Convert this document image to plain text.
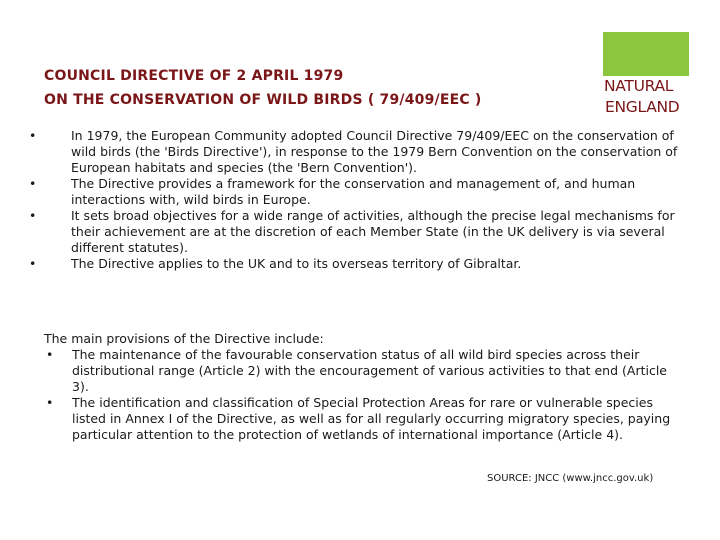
COUNCIL DIRECTIVE OF 2 APRIL 1979
ON THE CONSERVATION OF WILD BIRDS ( 79/409/EEC )
NATURAL
ENGLAND
•	In 1979, the European Community adopted Council Directive 79/409/EEC on the conservation of wild birds (the 'Birds Directive'), in response to the 1979 Bern Convention on the conservation of European habitats and species (the 'Bern Convention').
•	The Directive provides a framework for the conservation and management of, and human interactions with, wild birds in Europe.
•	It sets broad objectives for a wide range of activities, although the precise legal mechanisms for their achievement are at the discretion of each Member State (in the UK delivery is via several different statutes).
•	The Directive applies to the UK and to its overseas territory of Gibraltar.
The main provisions of the Directive include:
• The maintenance of the favourable conservation status of all wild bird species across their distributional range (Article 2) with the encouragement of various activities to that end (Article 3).
• The identification and classification of Special Protection Areas for rare or vulnerable species listed in Annex I of the Directive, as well as for all regularly occurring migratory species, paying particular attention to the protection of wetlands of international importance (Article 4).
SOURCE: JNCC (www.jncc.gov.uk)
